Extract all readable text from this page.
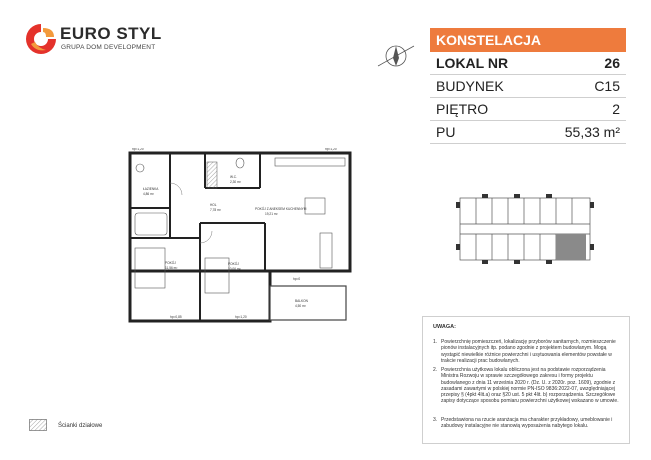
EURO STYL
GRUPA DOM DEVELOPMENT	KONSTELACJA
LOKAL NR	26
BUDYNEK	C15
PIĘTRO	2
PU	55,33 m²
ŁAZIENKA
4,86 m²
W.C.
2,30 m²
HOL
7,78 m²	POKÓJ Z ANEKSEM KUCHENNYM
19,21 m²
POKÓJ
11,56 m²
POKÓJ
10,06 m²
BALKON
4,50 m²
hp=1,20
hp=0,85
hp=0
hp=1,20
hp=1,20
UWAGA:
1. Powierzchnię pomieszczeń, lokalizację przyborów sanitarnych, rozmieszczenie pionów instalacyjnych itp. podano zgodnie z projektem budowlanym. Mogą wystąpić niewielkie różnice powierzchni i usytuowania elementów powstałe w trakcie realizacji prac budowlanych.
2. Powierzchnia użytkowa lokalu obliczona jest na podstawie rozporządzenia Ministra Rozwoju w sprawie szczegółowego zakresu i formy projektu budowlanego z dnia 11 września 2020 r. (Dz. U. z 2020r. poz. 1609), zgodnie z zasadami zawartymi w polskiej normie PN-ISO 9836:2022-07, uwzględniającej przepisy § (4pkt 4lit.a) oraz §20 ust. 5 pkt 4lit. b) rozporządzenia. Szczegółowe zapisy dotyczące sposobu pomiaru powierzchni użytkowej wskazano w umowie.
3. Przedstawiona na rzucie aranżacja ma charakter przykładowy, umeblowanie i zabudowy instalacyjne nie stanowią wyposażenia nabytego lokalu.
Ścianki działowe
